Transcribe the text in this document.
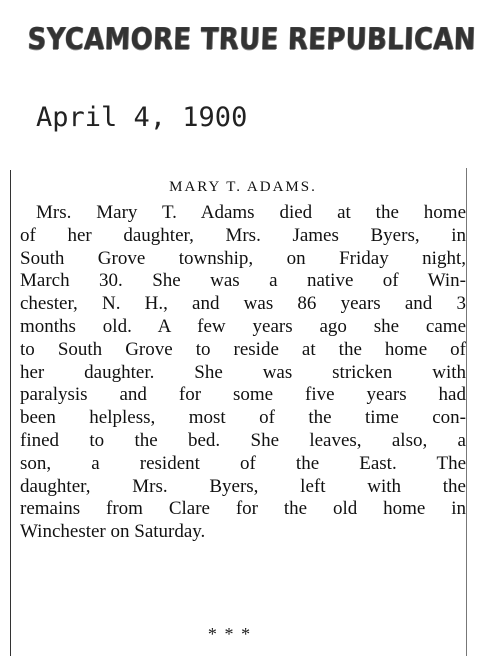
SYCAMORE TRUE REPUBLICAN
April 4, 1900
MARY T. ADAMS.
Mrs. Mary T. Adams died at the home
of her daughter, Mrs. James Byers, in
South Grove township, on Friday night,
March 30. She was a native of Win-
chester, N. H., and was 86 years and 3
months old. A few years ago she came
to South Grove to reside at the home of
her daughter. She was stricken with
paralysis and for some five years had
been helpless, most of the time con-
fined to the bed. She leaves, also, a
son, a resident of the East. The
daughter, Mrs. Byers, left with the
remains from Clare for the old home in
Winchester on Saturday.
* * *
